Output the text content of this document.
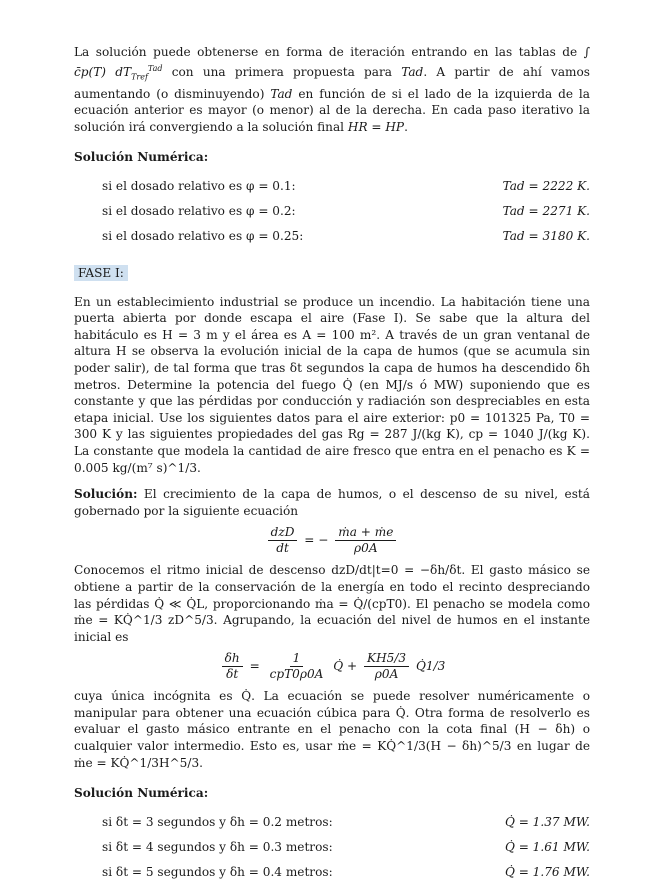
La solución puede obtenerse en forma de iteración entrando en las tablas de ∫ c̄p(T) $dT_{Tref}^{Tad}$ con una primera propuesta para Tad. A partir de ahí vamos aumentando (o disminuyendo) Tad en función de si el lado de la izquierda de la ecuación anterior es mayor (o menor) al de la derecha. En cada paso iterativo la solución irá convergiendo a la solución final HR = HP.

Solución Numérica:
si el dosado relativo es φ = 0.1:	Tad = 2222 K.
si el dosado relativo es φ = 0.2:	Tad = 2271 K.
si el dosado relativo es φ = 0.25:	Tad = 3180 K.
FASE I:

En un establecimiento industrial se produce un incendio. La habitación tiene una puerta abierta por donde escapa el aire (Fase I). Se sabe que la altura del habitáculo es H = 3 m y el área es A = 100 m². A través de un gran ventanal de altura H se observa la evolución inicial de la capa de humos (que se acumula sin poder salir), de tal forma que tras δt segundos la capa de humos ha descendido δh metros. Determine la potencia del fuego Q̇ (en MJ/s ó MW) suponiendo que es constante y que las pérdidas por conducción y radiación son despreciables en esta etapa inicial. Use los siguientes datos para el aire exterior: p0 = 101325 Pa, T0 = 300 K y las siguientes propiedades del gas Rg = 287 J/(kg K), cp = 1040 J/(kg K). La constante que modela la cantidad de aire fresco que entra en el penacho es K = 0.005 kg/(m⁷ s)^1/3.

Solución: El crecimiento de la capa de humos, o el descenso de su nivel, está gobernado por la siguiente ecuación

$\frac{\text{dzD}}{dt}$ = − $\frac{\text{ṁa + ṁe}}{\rho 0A}$

Conocemos el ritmo inicial de descenso dzD/dt|t=0 = −δh/δt. El gasto másico se obtiene a partir de la conservación de la energía en todo el recinto despreciando las pérdidas Q̇ ≪ Q̇L, proporcionando ṁa = Q̇/(cpT0). El penacho se modela como ṁe = KQ̇^1/3 zD^5/3. Agrupando, la ecuación del nivel de humos en el instante inicial es

$\frac{\delta h}{\delta t} = \frac{1}{\text{cpT0ρ0A}}$ Q̇ + $\frac{KH5/3}{\rho 0A}$ Q̇1/3

cuya única incógnita es Q̇. La ecuación se puede resolver numéricamente o manipular para obtener una ecuación cúbica para Q̇. Otra forma de resolverlo es evaluar el gasto másico entrante en el penacho con la cota final (H − δh) o cualquier valor intermedio. Esto es, usar ṁe = KQ̇^1/3(H − δh)^5/3 en lugar de ṁe = KQ̇^1/3H^5/3.

Solución Numérica:
si δt = 3 segundos y δh = 0.2 metros:	Q̇ = 1.37 MW.
si δt = 4 segundos y δh = 0.3 metros:	Q̇ = 1.61 MW.
si δt = 5 segundos y δh = 0.4 metros:	Q̇ = 1.76 MW.
